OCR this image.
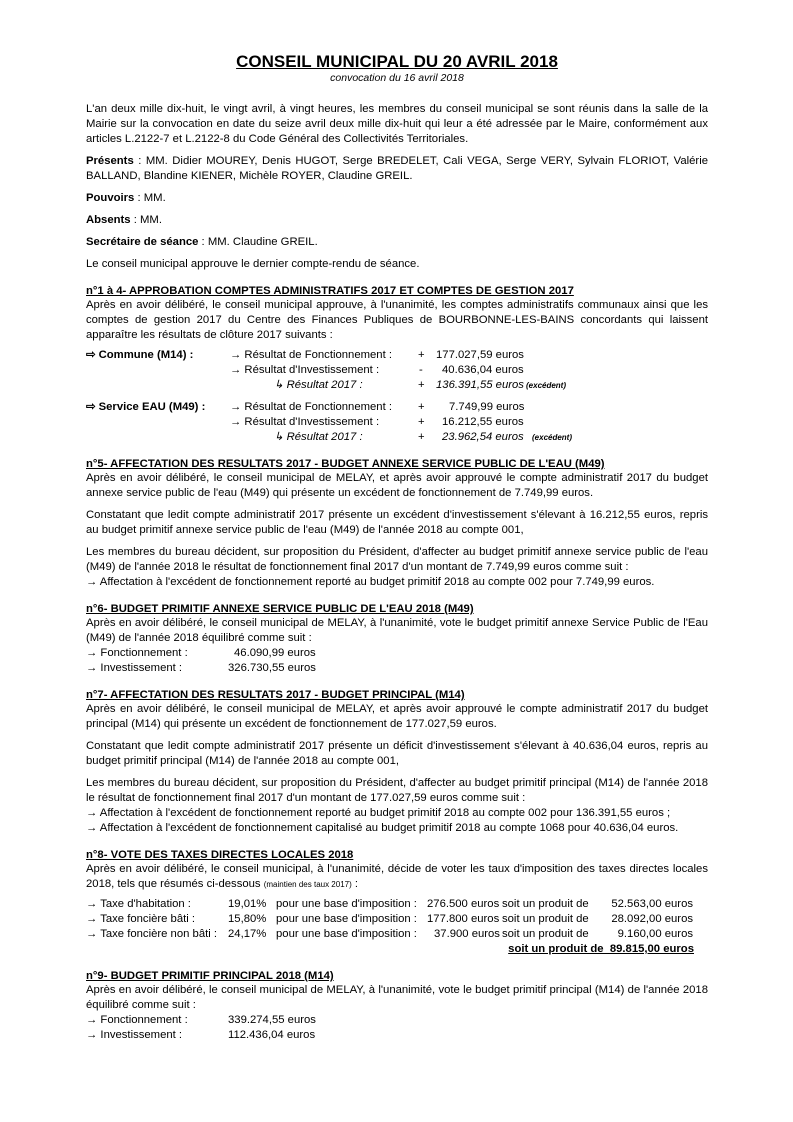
CONSEIL MUNICIPAL DU 20 AVRIL 2018
convocation du 16 avril 2018

L'an deux mille dix-huit, le vingt avril, à vingt heures, les membres du conseil municipal se sont réunis dans la salle de la Mairie sur la convocation en date du seize avril deux mille dix-huit qui leur a été adressée par le Maire, conformément aux articles L.2122-7 et L.2122-8 du Code Général des Collectivités Territoriales.

Présents : MM. Didier MOUREY, Denis HUGOT, Serge BREDELET, Cali VEGA, Serge VERY, Sylvain FLORIOT, Valérie BALLAND, Blandine KIENER, Michèle ROYER, Claudine GREIL.

Pouvoirs : MM.

Absents : MM.

Secrétaire de séance : MM. Claudine GREIL.

Le conseil municipal approuve le dernier compte-rendu de séance.

n°1 à 4- APPROBATION COMPTES ADMINISTRATIFS 2017 ET COMPTES DE GESTION 2017

Après en avoir délibéré, le conseil municipal approuve, à l'unanimité, les comptes administratifs communaux ainsi que les comptes de gestion 2017 du Centre des Finances Publiques de BOURBONNE-LES-BAINS concordants qui laissent apparaître les résultats de clôture 2017 suivants :

⇨ Commune (M14) :	→ Résultat de Fonctionnement : + 177.027,59 euros
→ Résultat d'Investissement :	- 40.636,04 euros
↳ Résultat 2017 :	+ 136.391,55 euros (excédent)
⇨ Service EAU (M49) : → Résultat de Fonctionnement : + 7.749,99 euros
→ Résultat d'Investissement :	+ 16.212,55 euros
↳ Résultat 2017 :	+ 23.962,54 euros (excédent)
n°5- AFFECTATION DES RESULTATS 2017 - BUDGET ANNEXE SERVICE PUBLIC DE L'EAU (M49)

Après en avoir délibéré, le conseil municipal de MELAY, et après avoir approuvé le compte administratif 2017 du budget annexe service public de l'eau (M49) qui présente un excédent de fonctionnement de 7.749,99 euros.

Constatant que ledit compte administratif 2017 présente un excédent d'investissement s'élevant à 16.212,55 euros, repris au budget primitif annexe service public de l'eau (M49) de l'année 2018 au compte 001,

Les membres du bureau décident, sur proposition du Président, d'affecter au budget primitif annexe service public de l'eau (M49) de l'année 2018 le résultat de fonctionnement final 2017 d'un montant de 7.749,99 euros comme suit :

→ Affectation à l'excédent de fonctionnement reporté au budget primitif 2018 au compte 002 pour 7.749,99 euros.
n°6- BUDGET PRIMITIF ANNEXE SERVICE PUBLIC DE L'EAU 2018 (M49)

Après en avoir délibéré, le conseil municipal de MELAY, à l'unanimité, vote le budget primitif annexe Service Public de l'Eau (M49) de l'année 2018 équilibré comme suit :

→ Fonctionnement :	46.090,99 euros
→ Investissement :	326.730,55 euros
n°7- AFFECTATION DES RESULTATS 2017 - BUDGET PRINCIPAL (M14)

Après en avoir délibéré, le conseil municipal de MELAY, et après avoir approuvé le compte administratif 2017 du budget principal (M14) qui présente un excédent de fonctionnement de 177.027,59 euros.

Constatant que ledit compte administratif 2017 présente un déficit d'investissement s'élevant à 40.636,04 euros, repris au budget primitif principal (M14) de l'année 2018 au compte 001,

Les membres du bureau décident, sur proposition du Président, d'affecter au budget primitif principal (M14) de l'année 2018 le résultat de fonctionnement final 2017 d'un montant de 177.027,59 euros comme suit :

→ Affectation à l'excédent de fonctionnement reporté au budget primitif 2018 au compte 002 pour 136.391,55 euros ;
→ Affectation à l'excédent de fonctionnement capitalisé au budget primitif 2018 au compte 1068 pour 40.636,04 euros.
n°8- VOTE DES TAXES DIRECTES LOCALES 2018

Après en avoir délibéré, le conseil municipal, à l'unanimité, décide de voter les taux d'imposition des taxes directes locales 2018, tels que résumés ci-dessous (maintien des taux 2017) :

→ Taxe d'habitation :	19,01% pour une base d'imposition : 276.500 euros soit un produit de 52.563,00 euros
→ Taxe foncière bâti :	15,80% pour une base d'imposition : 177.800 euros soit un produit de 28.092,00 euros
→ Taxe foncière non bâti : 24,17% pour une base d'imposition : 37.900 euros soit un produit de	9.160,00 euros
soit un produit de  89.815,00 euros
n°9- BUDGET PRIMITIF PRINCIPAL 2018 (M14)

Après en avoir délibéré, le conseil municipal de MELAY, à l'unanimité, vote le budget primitif principal (M14) de l'année 2018 équilibré comme suit :

→ Fonctionnement :	339.274,55 euros
→ Investissement :	112.436,04 euros
